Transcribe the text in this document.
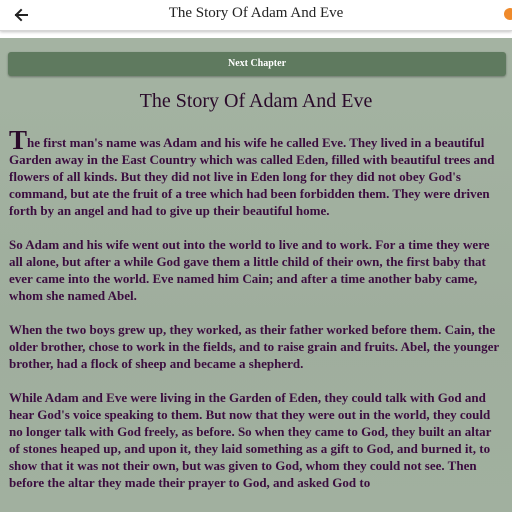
The Story Of Adam And Eve
Next Chapter
The Story Of Adam And Eve

The first man's name was Adam and his wife he called Eve. They lived in a beautiful Garden away in the East Country which was called Eden, filled with beautiful trees and flowers of all kinds. But they did not live in Eden long for they did not obey God's command, but ate the fruit of a tree which had been forbidden them. They were driven forth by an angel and had to give up their beautiful home.

So Adam and his wife went out into the world to live and to work. For a time they were all alone, but after a while God gave them a little child of their own, the first baby that ever came into the world. Eve named him Cain; and after a time another baby came, whom she named Abel.

When the two boys grew up, they worked, as their father worked before them. Cain, the older brother, chose to work in the fields, and to raise grain and fruits. Abel, the younger brother, had a flock of sheep and became a shepherd.

While Adam and Eve were living in the Garden of Eden, they could talk with God and hear God's voice speaking to them. But now that they were out in the world, they could no longer talk with God freely, as before. So when they came to God, they built an altar of stones heaped up, and upon it, they laid something as a gift to God, and burned it, to show that it was not their own, but was given to God, whom they could not see. Then before the altar they made their prayer to God, and asked God to
